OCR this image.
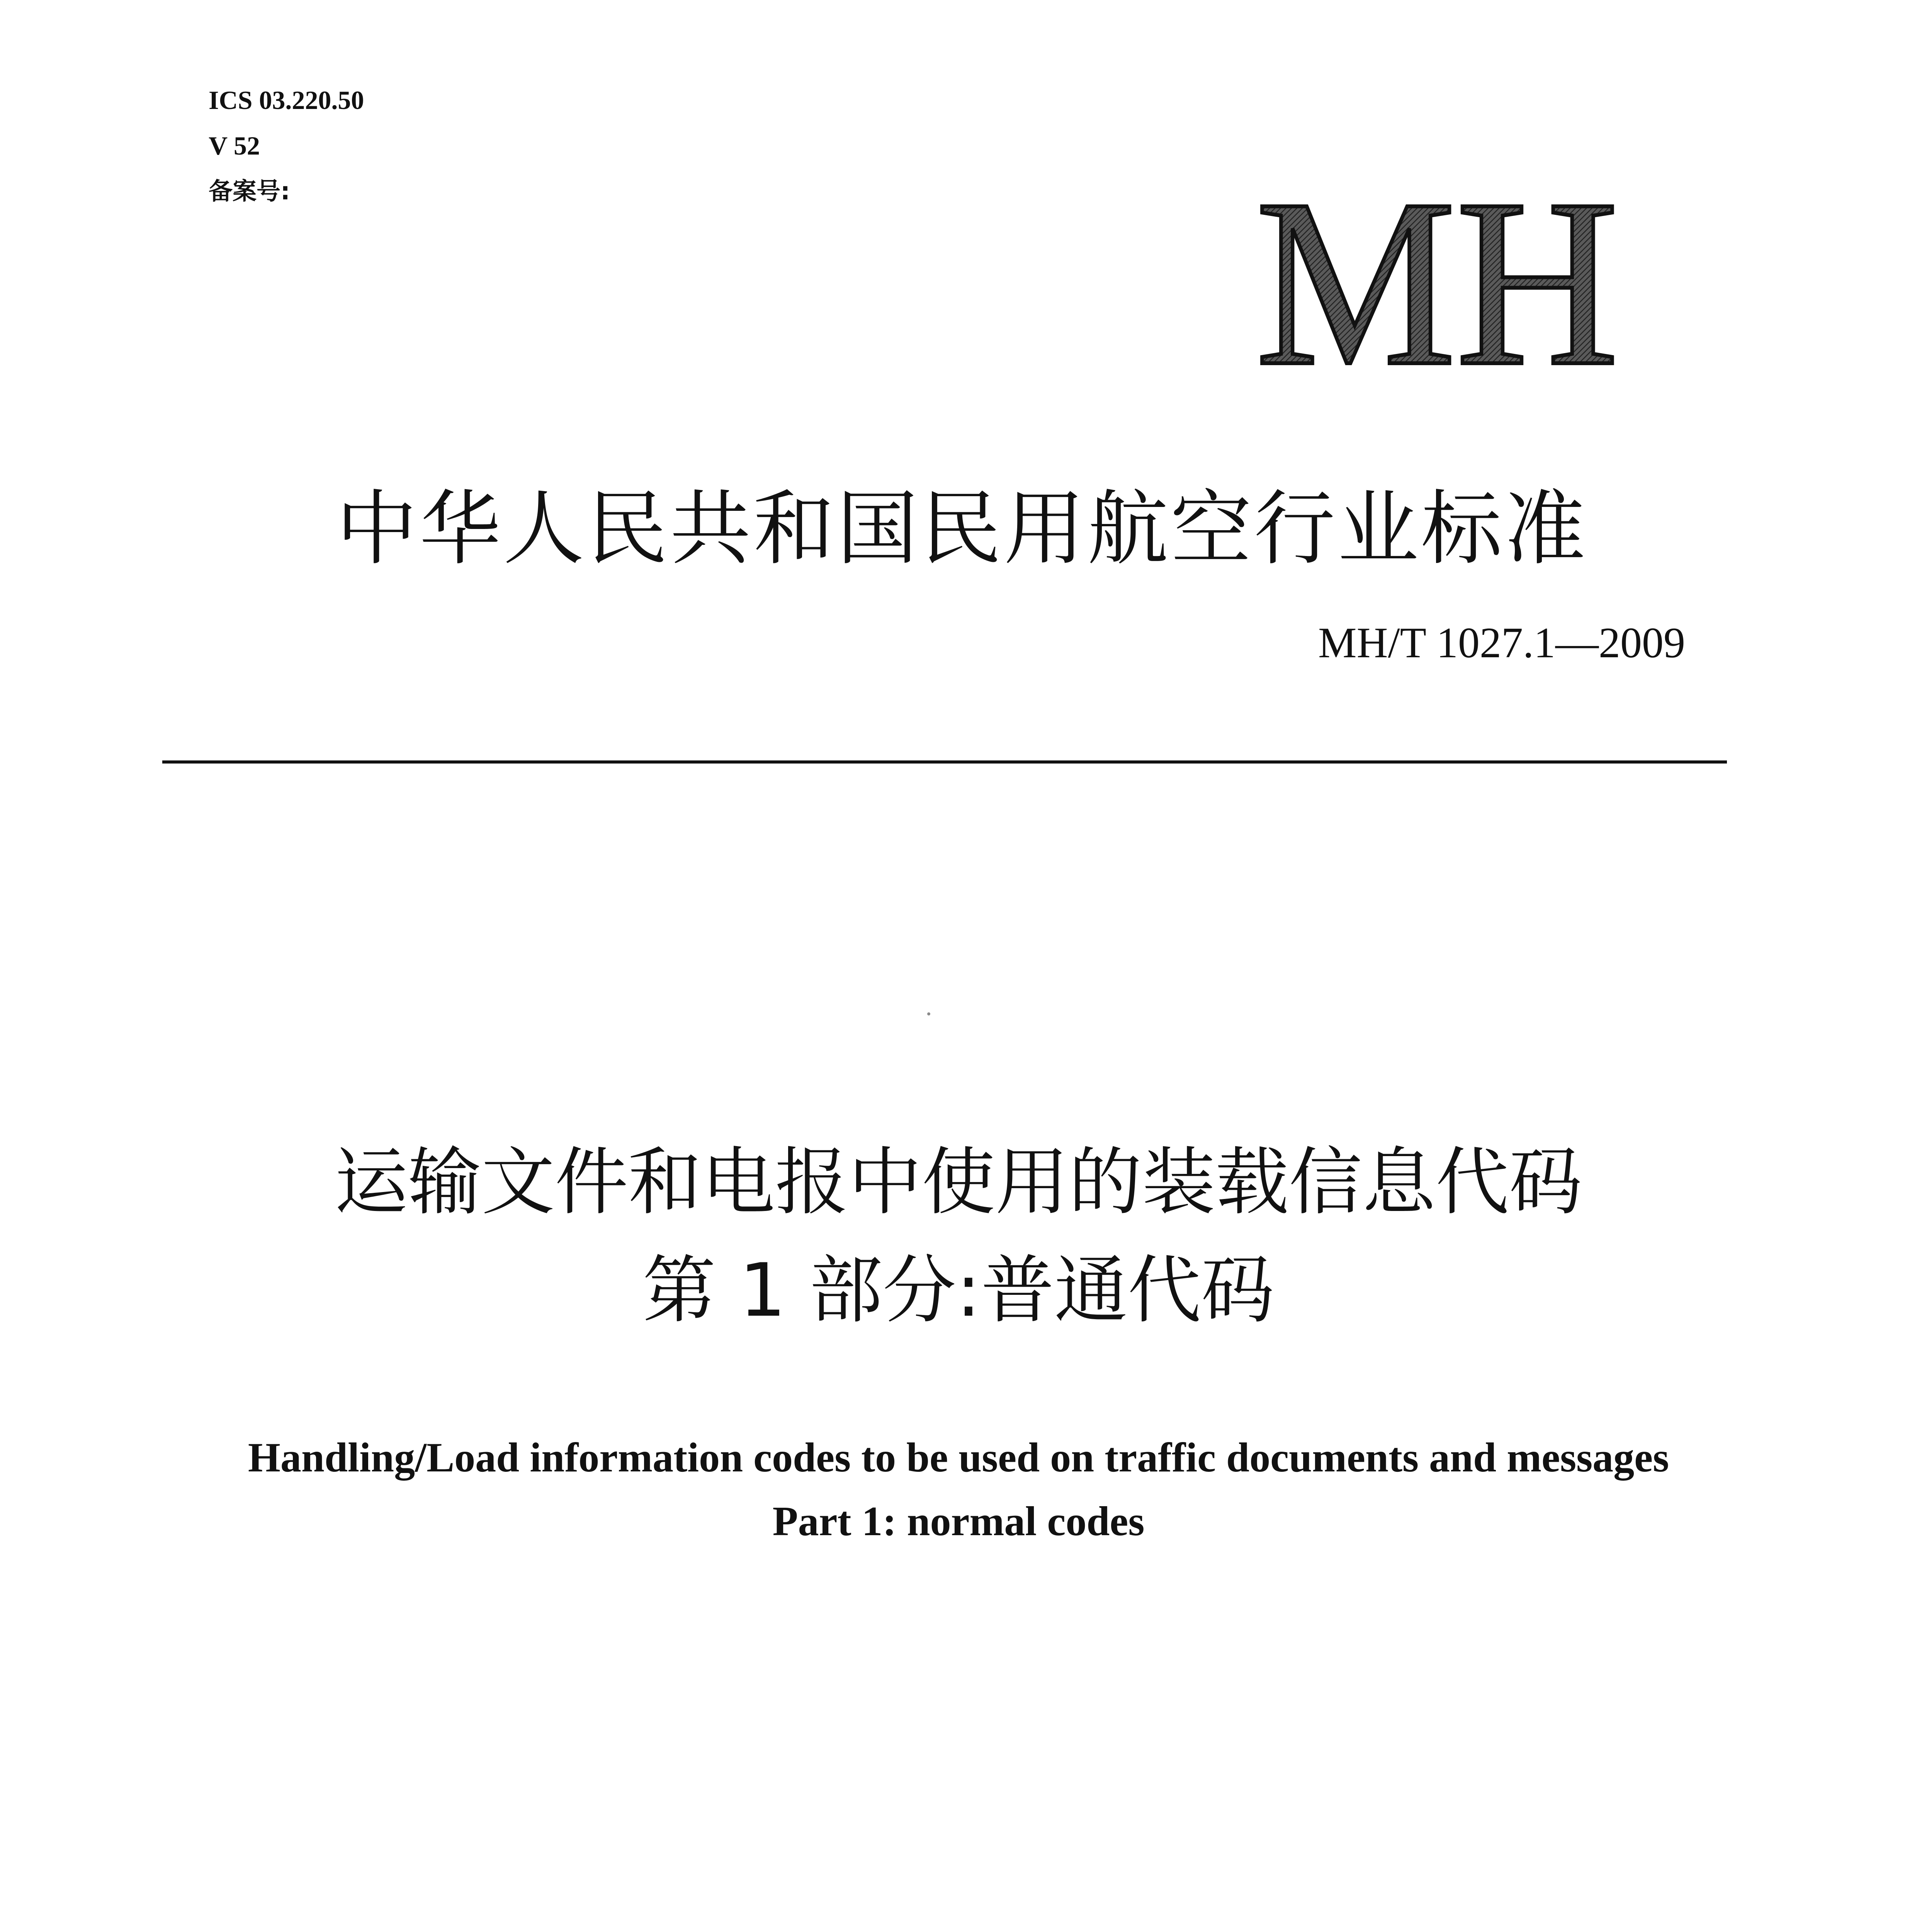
ICS 03.220.50
V 52
备案号:	MH
中华人民共和国民用航空行业标准
MH/T 1027.1—2009
运输文件和电报中使用的装载信息代码
第 1 部分:普通代码
Handling/Load information codes to be used on traffic documents and messages
Part 1: normal codes
